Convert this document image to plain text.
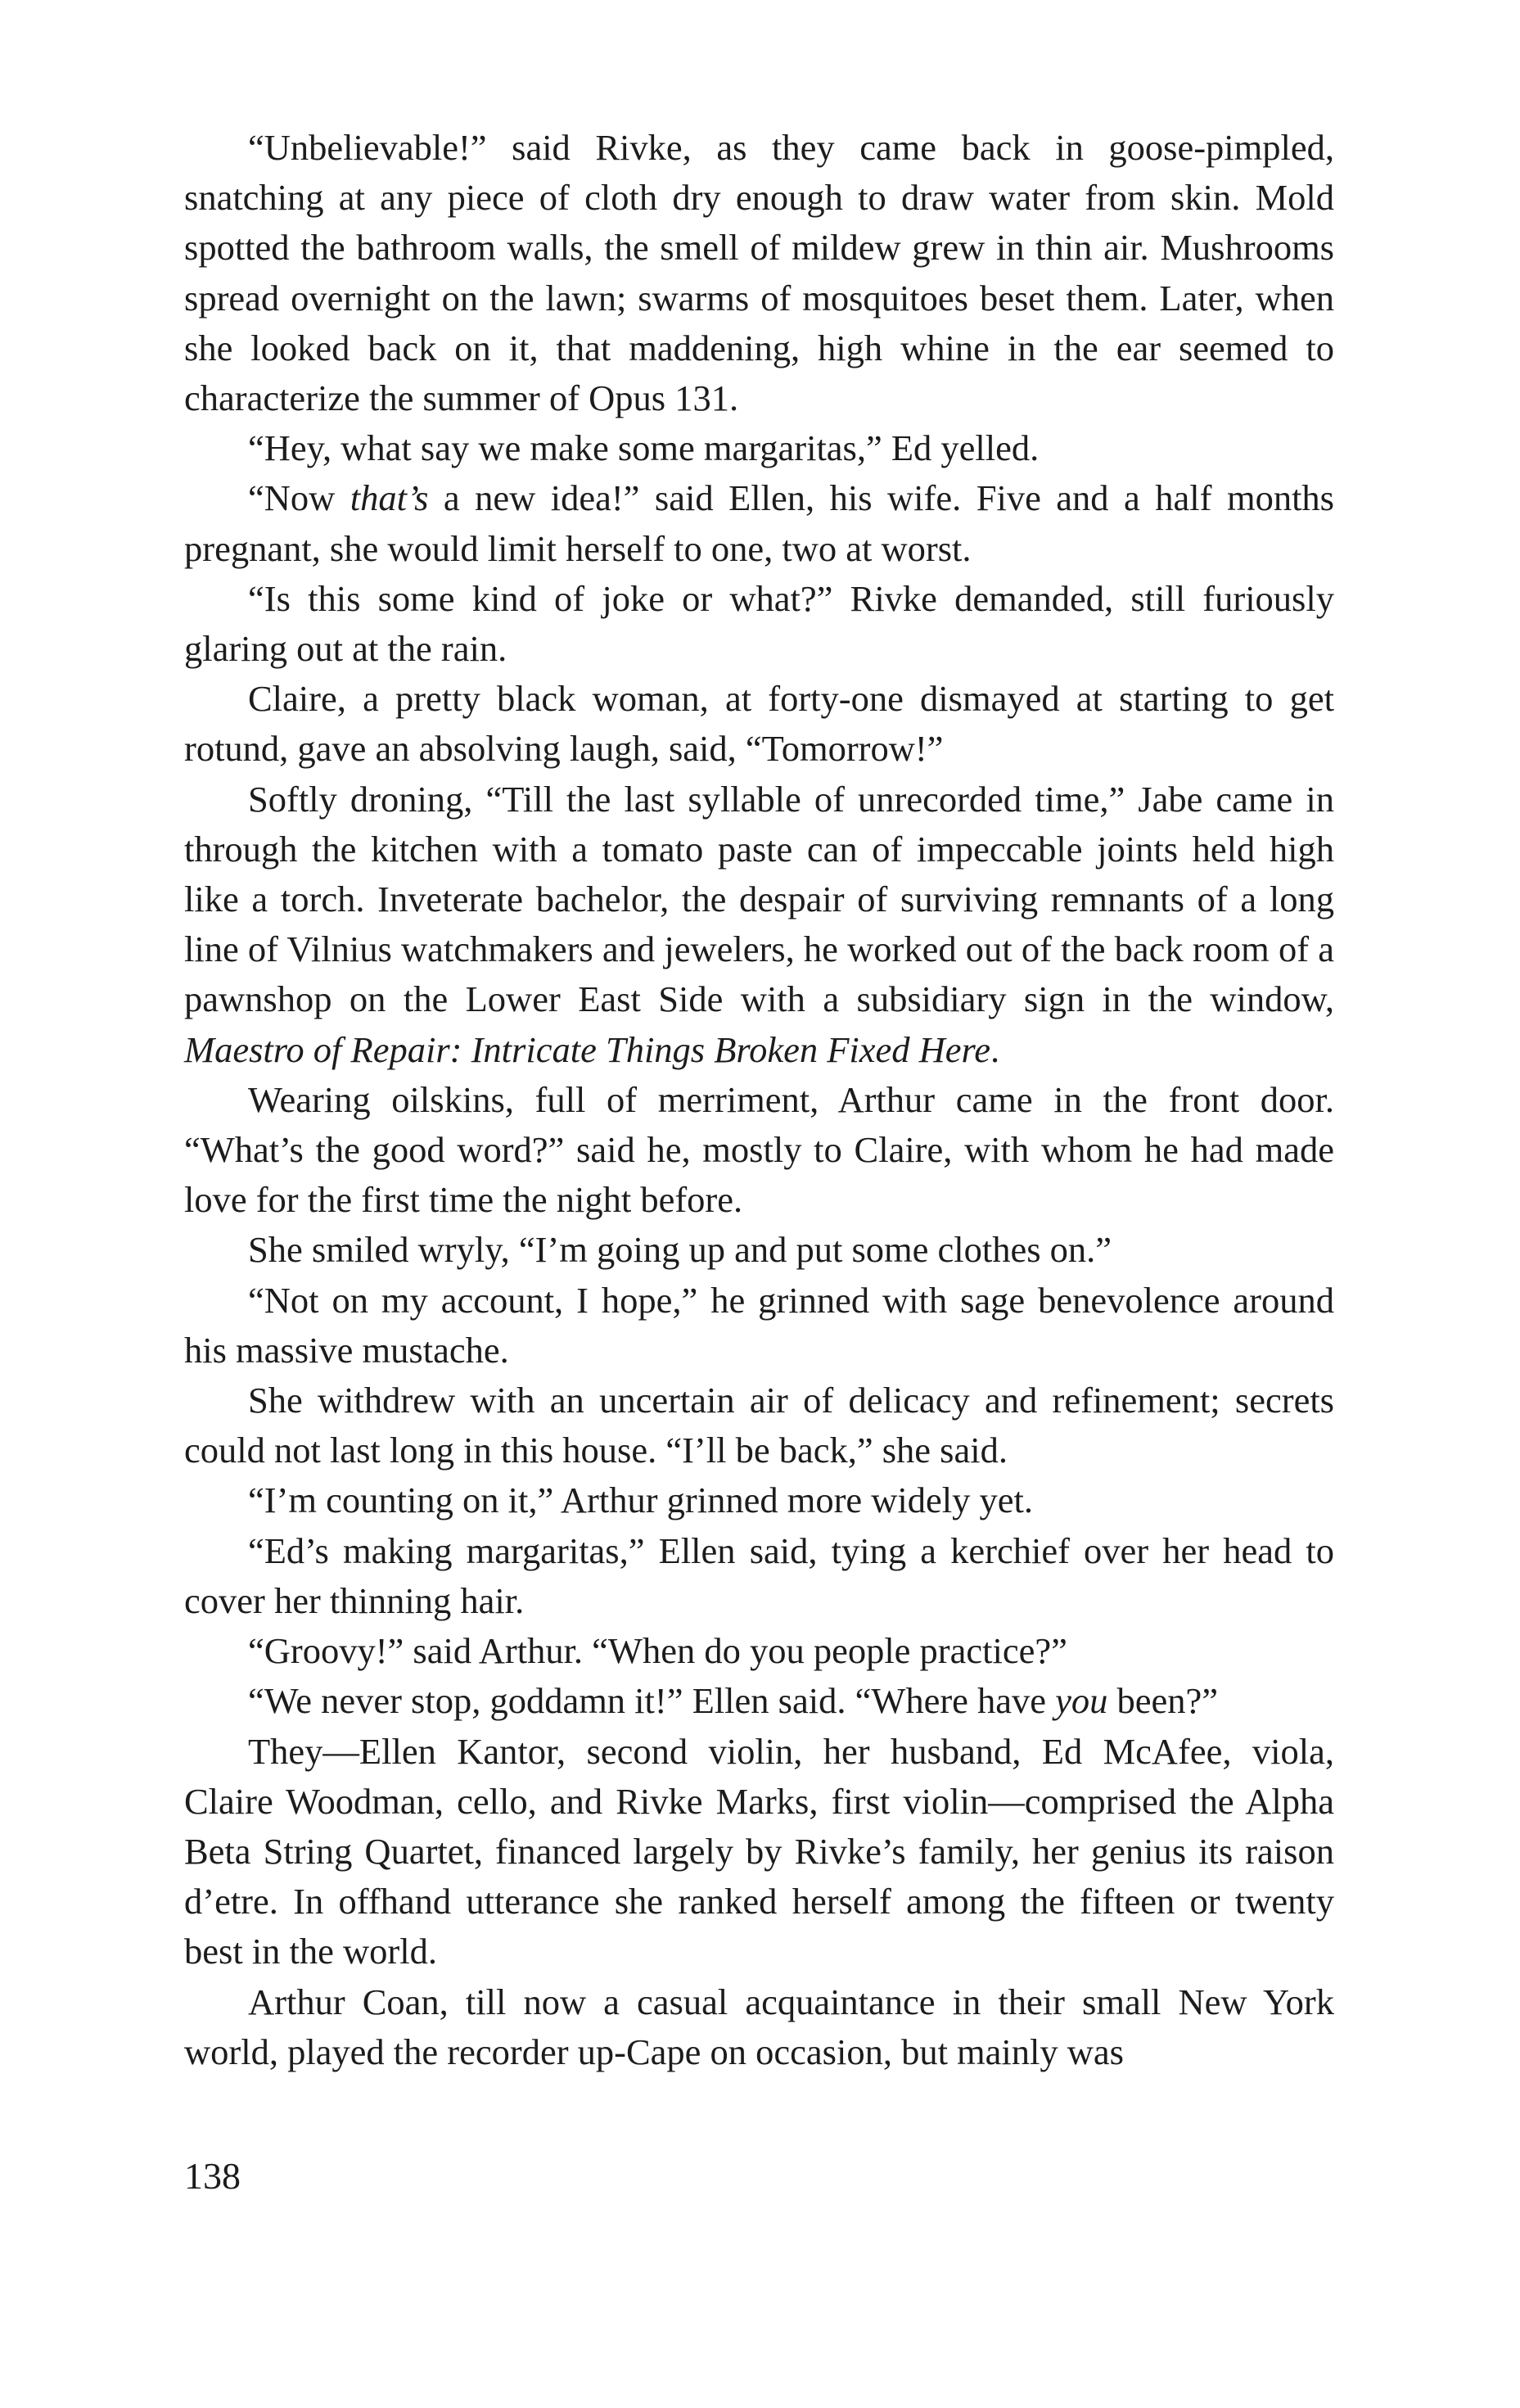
“Unbelievable!” said Rivke, as they came back in goose-pimpled, snatching at any piece of cloth dry enough to draw water from skin. Mold spotted the bathroom walls, the smell of mildew grew in thin air. Mushrooms spread overnight on the lawn; swarms of mosquitoes beset them. Later, when she looked back on it, that maddening, high whine in the ear seemed to characterize the summer of Opus 131.

“Hey, what say we make some margaritas,” Ed yelled.

“Now that’s a new idea!” said Ellen, his wife. Five and a half months pregnant, she would limit herself to one, two at worst.

“Is this some kind of joke or what?” Rivke demanded, still furiously glaring out at the rain.

Claire, a pretty black woman, at forty-one dismayed at starting to get rotund, gave an absolving laugh, said, “Tomorrow!”

Softly droning, “Till the last syllable of unrecorded time,” Jabe came in through the kitchen with a tomato paste can of impeccable joints held high like a torch. Inveterate bachelor, the despair of surviving remnants of a long line of Vilnius watchmakers and jewelers, he worked out of the back room of a pawnshop on the Lower East Side with a subsidiary sign in the window, Maestro of Repair: Intricate Things Broken Fixed Here.

Wearing oilskins, full of merriment, Arthur came in the front door. “What’s the good word?” said he, mostly to Claire, with whom he had made love for the first time the night before.

She smiled wryly, “I’m going up and put some clothes on.”

“Not on my account, I hope,” he grinned with sage benevolence around his massive mustache.

She withdrew with an uncertain air of delicacy and refinement; secrets could not last long in this house. “I’ll be back,” she said.

“I’m counting on it,” Arthur grinned more widely yet.

“Ed’s making margaritas,” Ellen said, tying a kerchief over her head to cover her thinning hair.

“Groovy!” said Arthur. “When do you people practice?”

“We never stop, goddamn it!” Ellen said. “Where have you been?”

They—Ellen Kantor, second violin, her husband, Ed McAfee, viola, Claire Woodman, cello, and Rivke Marks, first violin—comprised the Alpha Beta String Quartet, financed largely by Rivke’s family, her genius its raison d’etre. In offhand utterance she ranked herself among the fifteen or twenty best in the world.

Arthur Coan, till now a casual acquaintance in their small New York world, played the recorder up-Cape on occasion, but mainly was

138
